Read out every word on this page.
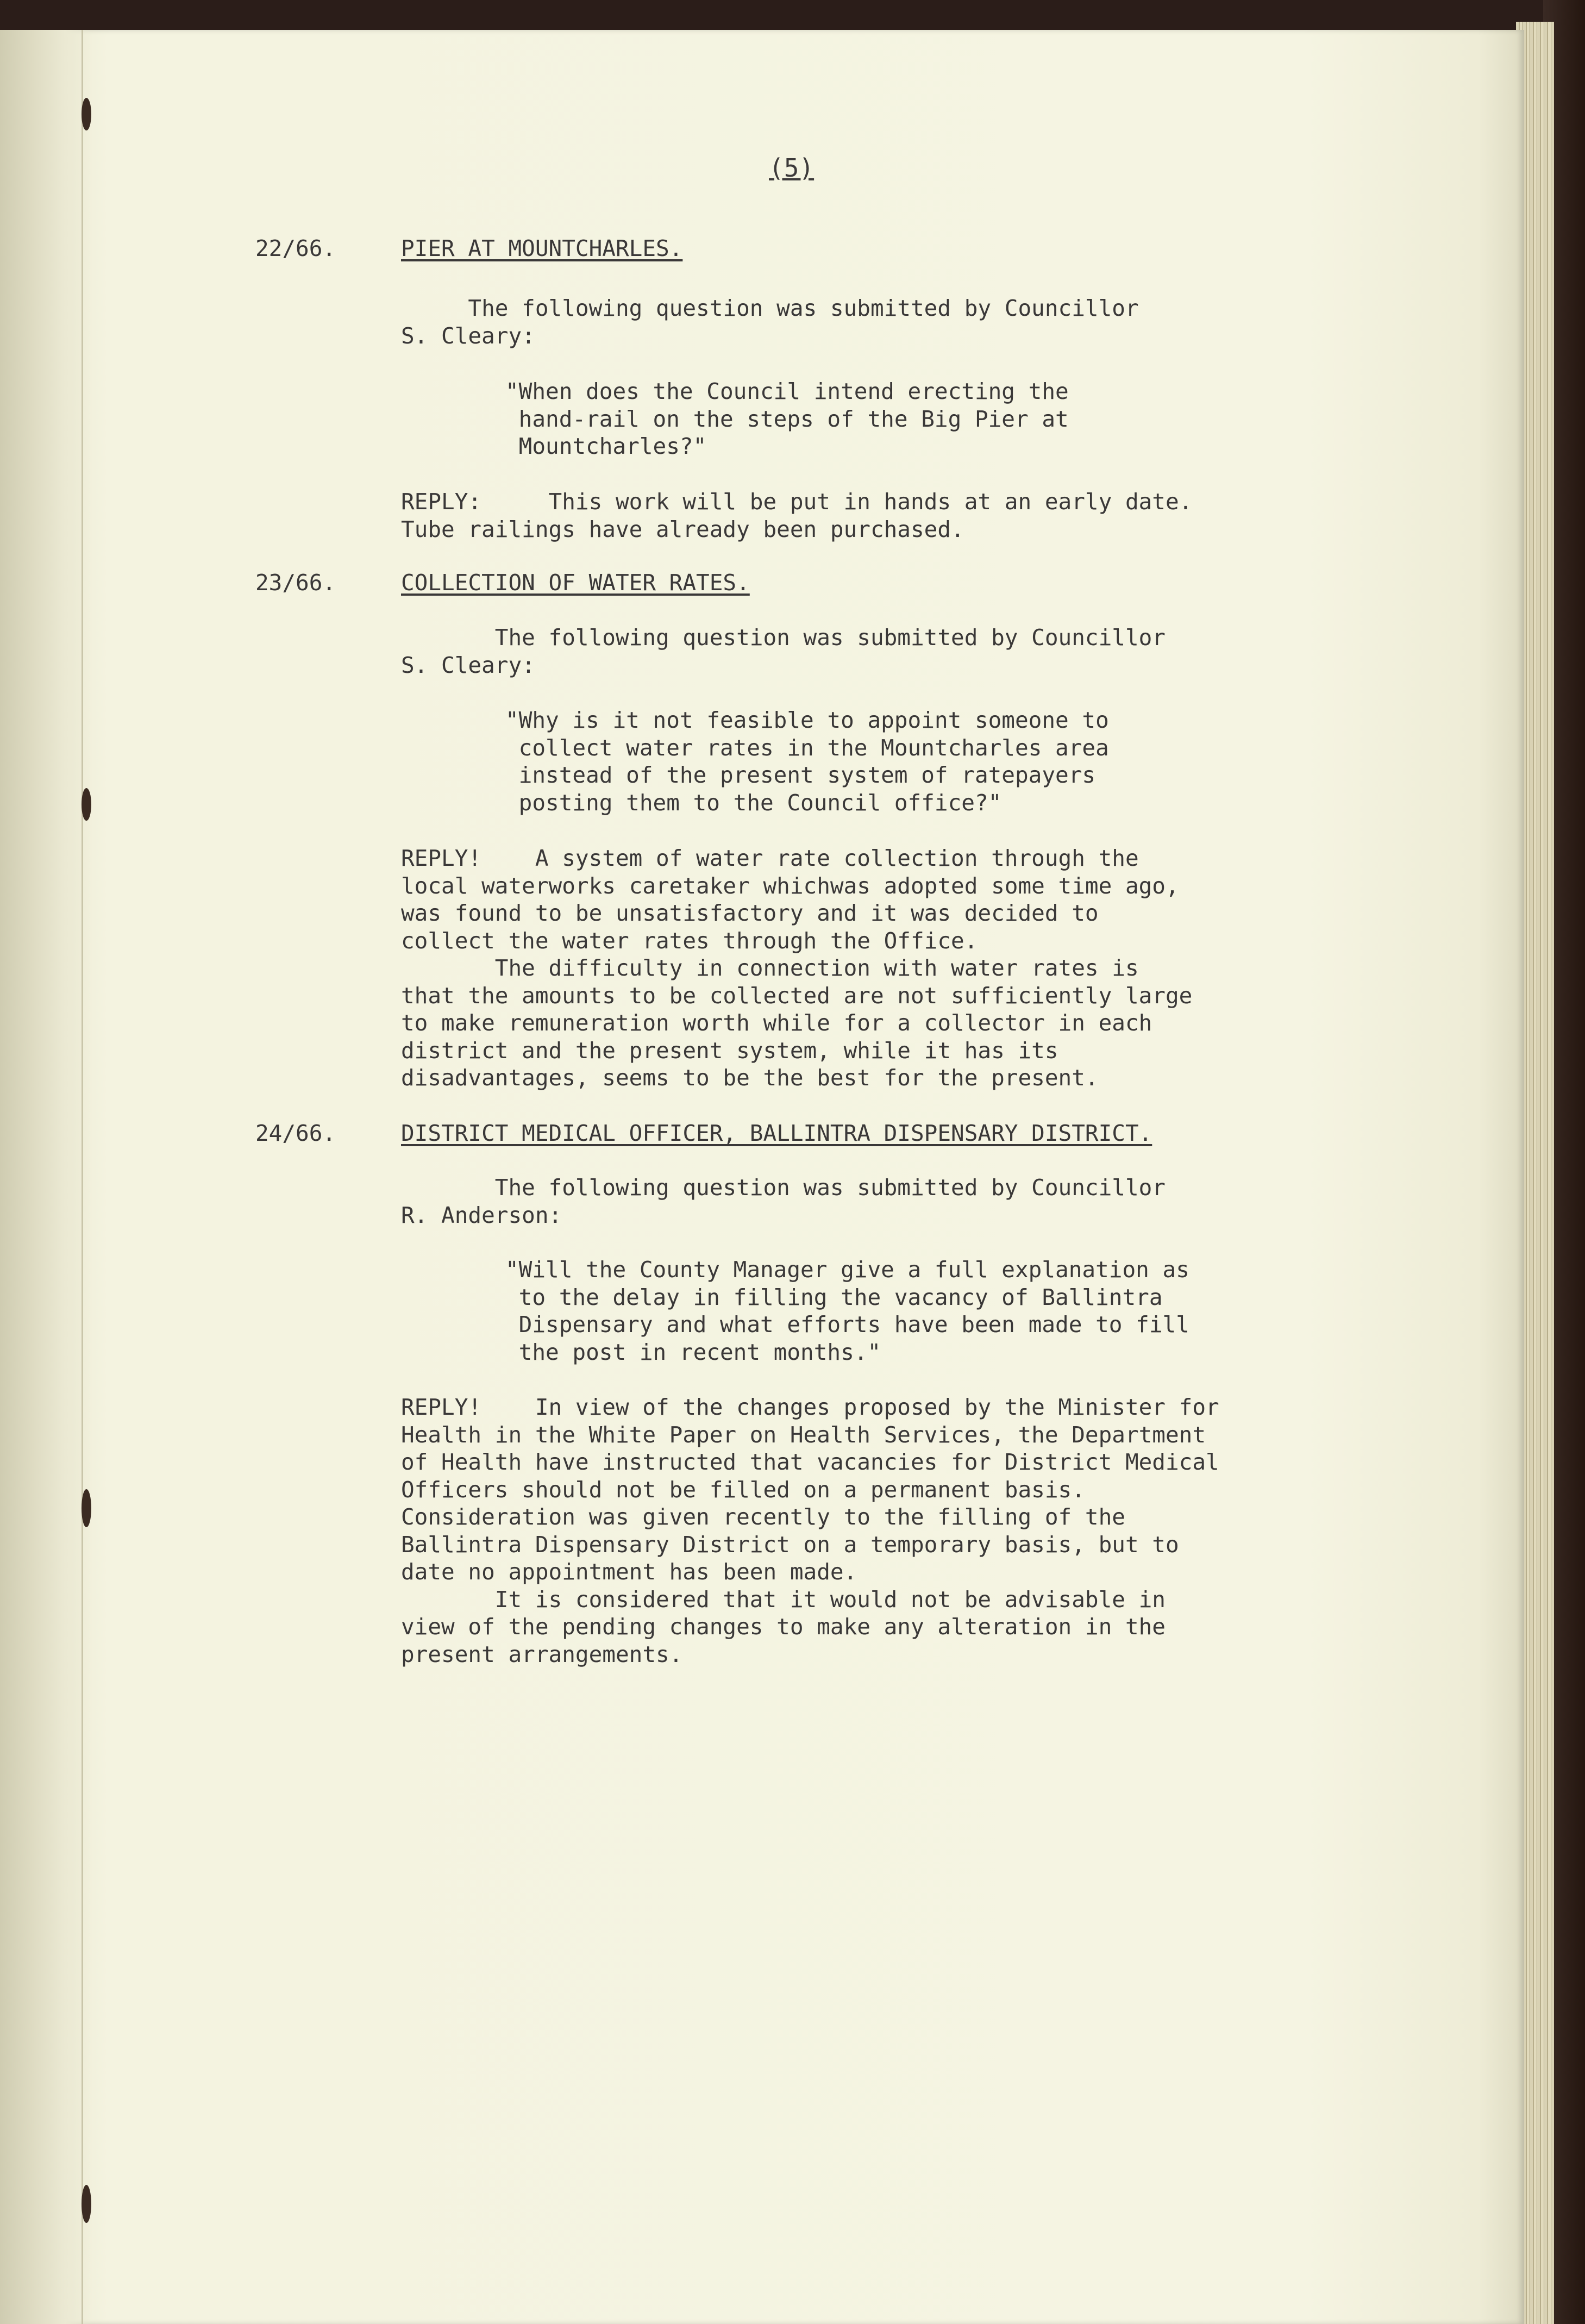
(5)

22/66.	PIER AT MOUNTCHARLES.

The following question was submitted by Councillor
S. Cleary:

"When does the Council intend erecting the
hand-rail on the steps of the Big Pier at
Mountcharles?"

REPLY:     This work will be put in hands at an early date.
Tube railings have already been purchased.

23/66.	COLLECTION OF WATER RATES.

The following question was submitted by Councillor
S. Cleary:

"Why is it not feasible to appoint someone to
collect water rates in the Mountcharles area
instead of the present system of ratepayers
posting them to the Council office?"

REPLY!    A system of water rate collection through the
local waterworks caretaker whichwas adopted some time ago,
was found to be unsatisfactory and it was decided to
collect the water rates through the Office.
The difficulty in connection with water rates is
that the amounts to be collected are not sufficiently large
to make remuneration worth while for a collector in each
district and the present system, while it has its
disadvantages, seems to be the best for the present.

24/66.	DISTRICT MEDICAL OFFICER, BALLINTRA DISPENSARY DISTRICT.

The following question was submitted by Councillor
R. Anderson:

"Will the County Manager give a full explanation as
to the delay in filling the vacancy of Ballintra
Dispensary and what efforts have been made to fill
the post in recent months."

REPLY!    In view of the changes proposed by the Minister for
Health in the White Paper on Health Services, the Department
of Health have instructed that vacancies for District Medical
Officers should not be filled on a permanent basis.
Consideration was given recently to the filling of the
Ballintra Dispensary District on a temporary basis, but to
date no appointment has been made.
It is considered that it would not be advisable in
view of the pending changes to make any alteration in the
present arrangements.
